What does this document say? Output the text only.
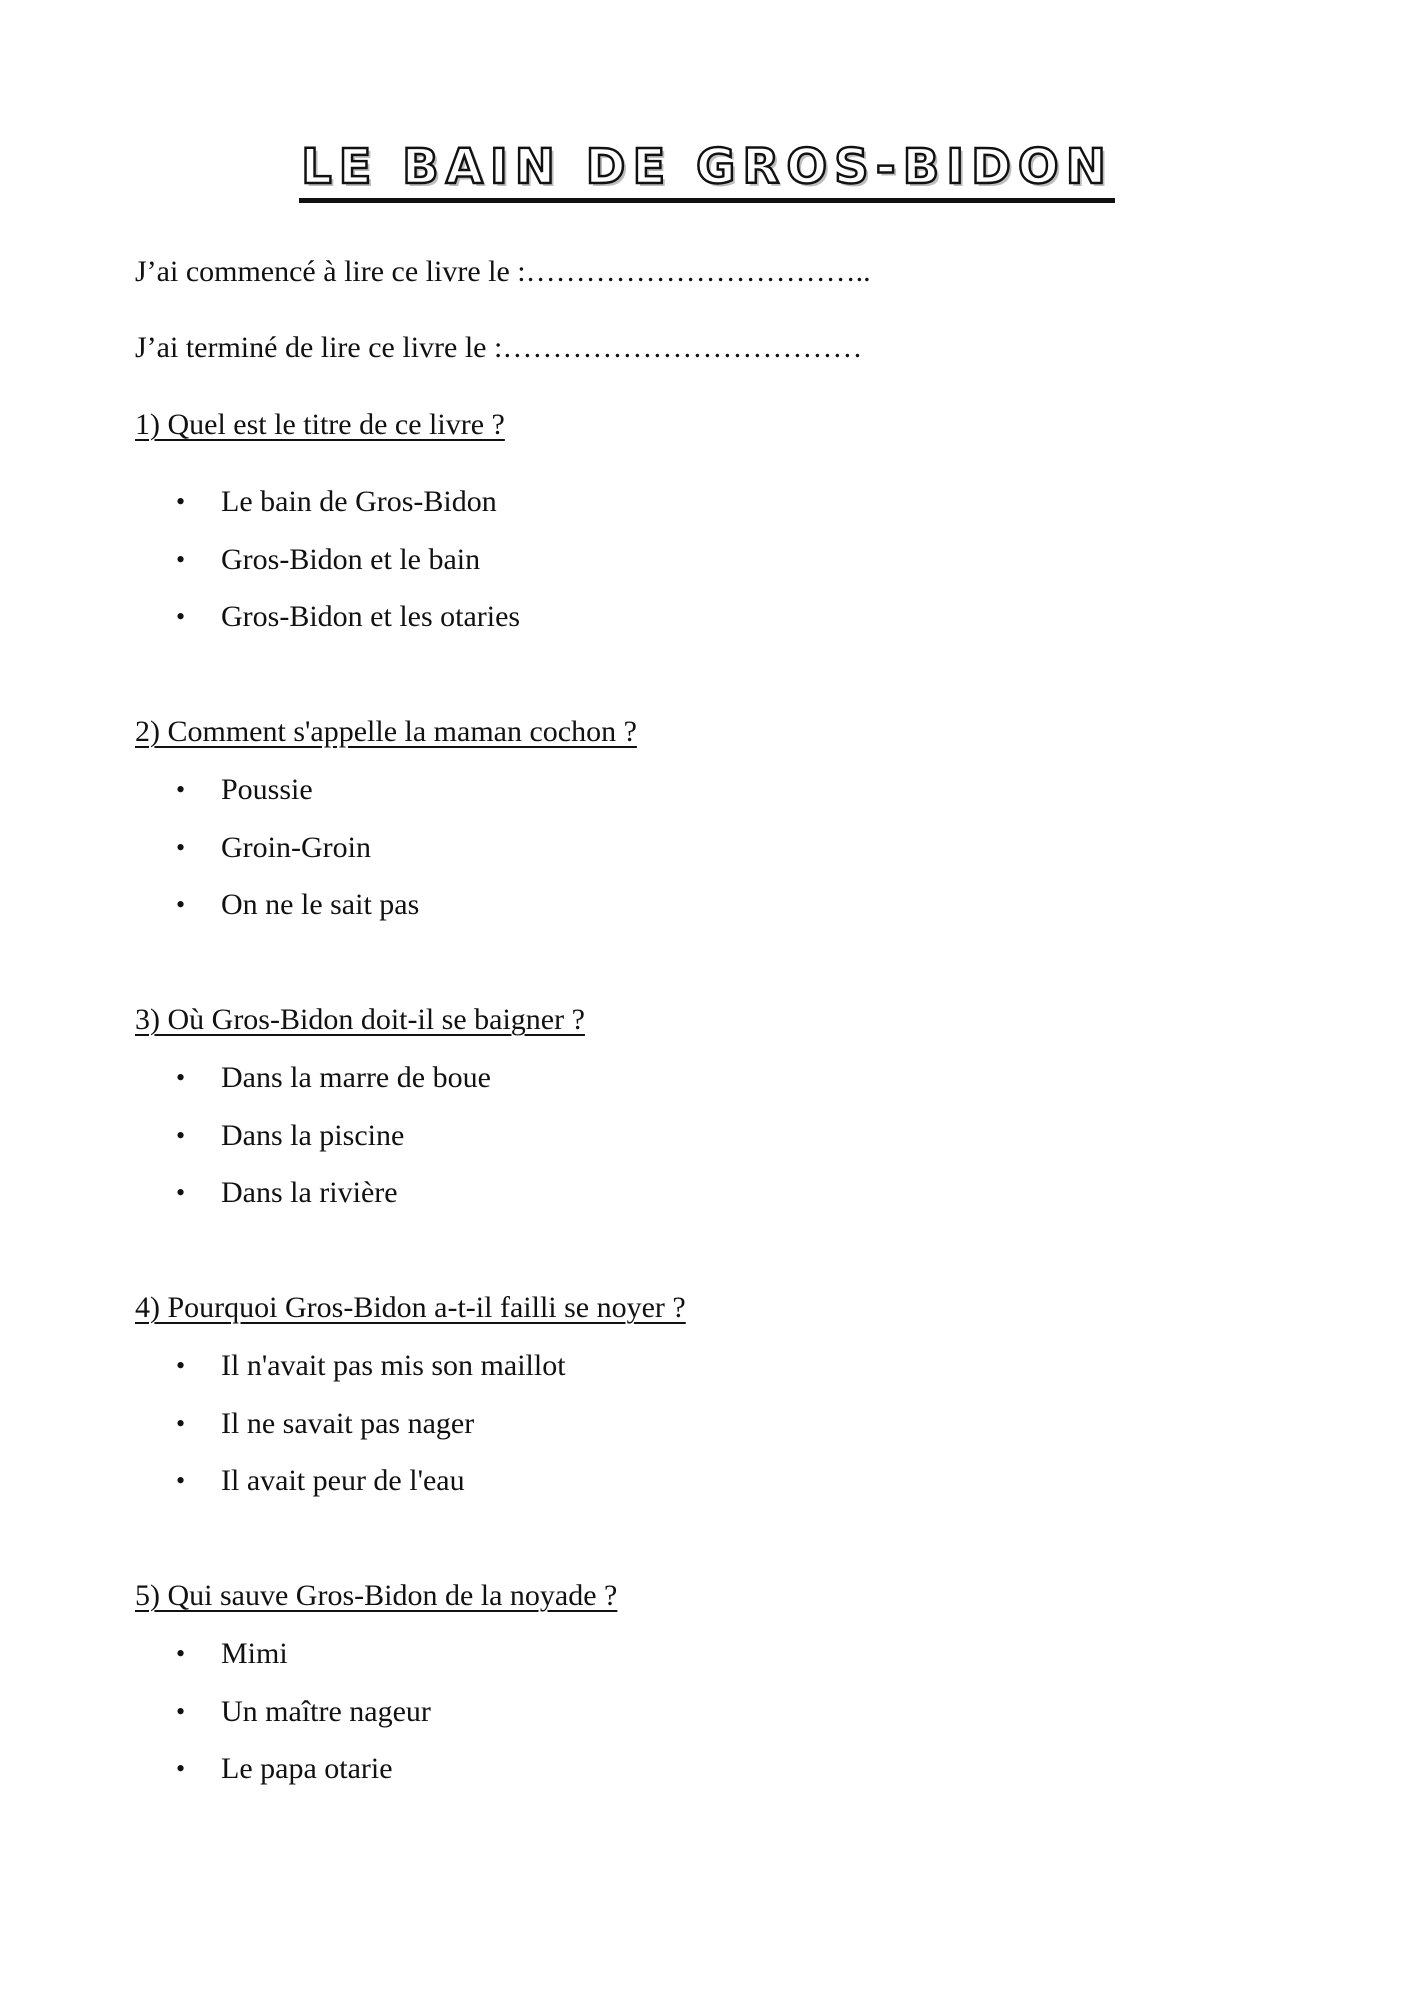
LE BAIN DE GROS-BIDON
J’ai commencé à lire ce livre le :……………………………..
J’ai terminé de lire ce livre le :………………………………
1) Quel est le titre de ce livre ?
• Le bain de Gros-Bidon
• Gros-Bidon et le bain
• Gros-Bidon et les otaries
2) Comment s'appelle la maman cochon ?
• Poussie
• Groin-Groin
• On ne le sait pas
3) Où Gros-Bidon doit-il se baigner ?
• Dans la marre de boue
• Dans la piscine
• Dans la rivière
4) Pourquoi Gros-Bidon a-t-il failli se noyer ?
• Il n'avait pas mis son maillot
• Il ne savait pas nager
• Il avait peur de l'eau
5) Qui sauve Gros-Bidon de la noyade ?
• Mimi
• Un maître nageur
• Le papa otarie
